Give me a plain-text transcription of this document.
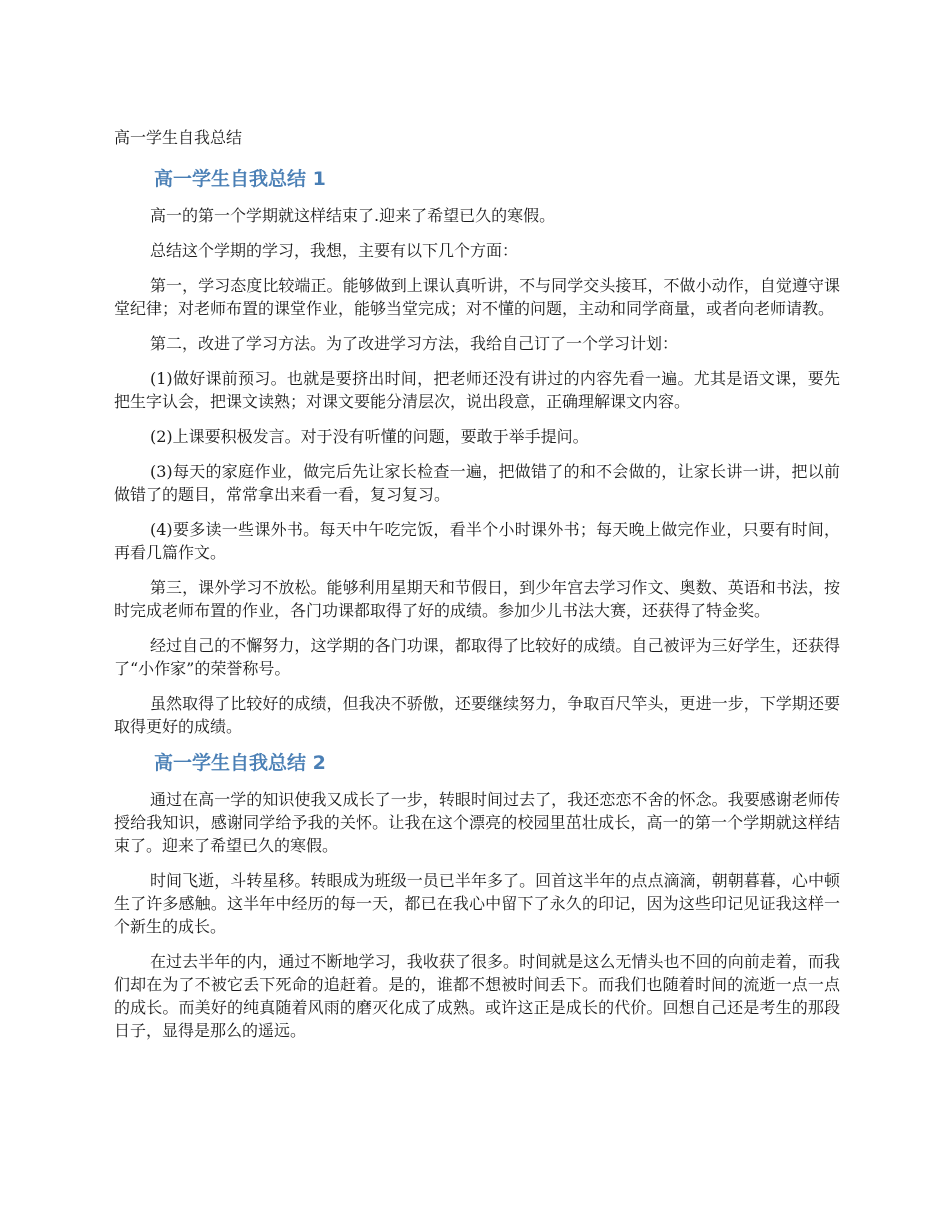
高一学生自我总结
高一学生自我总结 1

高一的第一个学期就这样结束了.迎来了希望已久的寒假。

总结这个学期的学习，我想，主要有以下几个方面：

第一，学习态度比较端正。能够做到上课认真听讲，不与同学交头接耳，不做小动作，自觉遵守课堂纪律；对老师布置的课堂作业，能够当堂完成；对不懂的问题，主动和同学商量，或者向老师请教。

第二，改进了学习方法。为了改进学习方法，我给自己订了一个学习计划：

(1)做好课前预习。也就是要挤出时间，把老师还没有讲过的内容先看一遍。尤其是语文课，要先把生字认会，把课文读熟；对课文要能分清层次，说出段意，正确理解课文内容。

(2)上课要积极发言。对于没有听懂的问题，要敢于举手提问。

(3)每天的家庭作业，做完后先让家长检查一遍，把做错了的和不会做的，让家长讲一讲，把以前做错了的题目，常常拿出来看一看，复习复习。

(4)要多读一些课外书。每天中午吃完饭，看半个小时课外书；每天晚上做完作业，只要有时间，再看几篇作文。

第三，课外学习不放松。能够利用星期天和节假日，到少年宫去学习作文、奥数、英语和书法，按时完成老师布置的作业，各门功课都取得了好的成绩。参加少儿书法大赛，还获得了特金奖。

经过自己的不懈努力，这学期的各门功课，都取得了比较好的成绩。自己被评为三好学生，还获得了“小作家”的荣誉称号。

虽然取得了比较好的成绩，但我决不骄傲，还要继续努力，争取百尺竿头，更进一步，下学期还要取得更好的成绩。

高一学生自我总结 2

通过在高一学的知识使我又成长了一步，转眼时间过去了，我还恋恋不舍的怀念。我要感谢老师传授给我知识，感谢同学给予我的关怀。让我在这个漂亮的校园里茁壮成长，高一的第一个学期就这样结束了。迎来了希望已久的寒假。

时间飞逝，斗转星移。转眼成为班级一员已半年多了。回首这半年的点点滴滴，朝朝暮暮，心中顿生了许多感触。这半年中经历的每一天，都已在我心中留下了永久的印记，因为这些印记见证我这样一个新生的成长。

在过去半年的内，通过不断地学习，我收获了很多。时间就是这么无情头也不回的向前走着，而我们却在为了不被它丢下死命的追赶着。是的，谁都不想被时间丢下。而我们也随着时间的流逝一点一点的成长。而美好的纯真随着风雨的磨灭化成了成熟。或许这正是成长的代价。回想自己还是考生的那段日子，显得是那么的遥远。
